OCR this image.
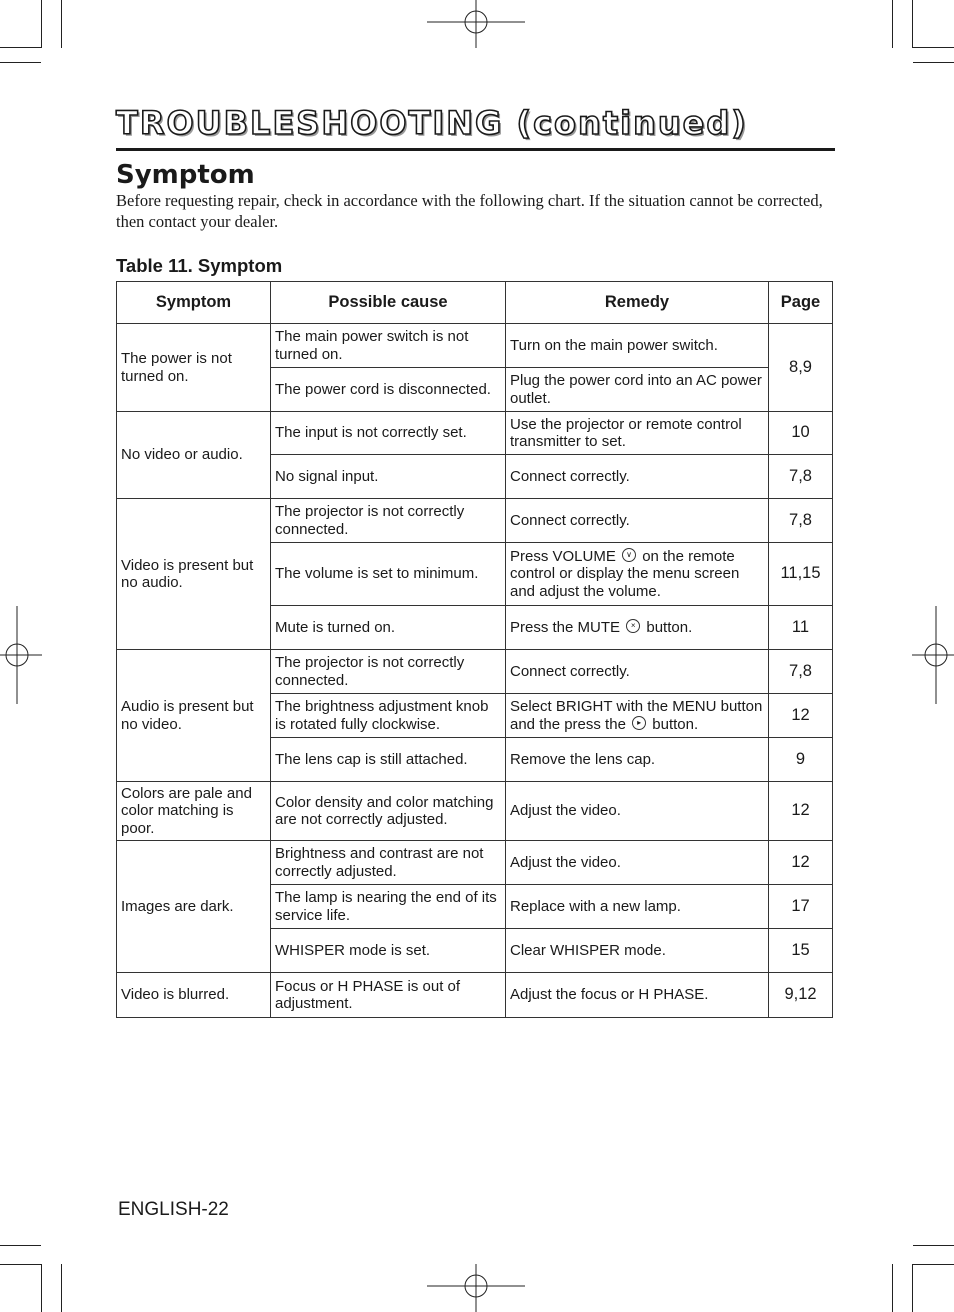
TROUBLESHOOTING (continued)
Symptom
Before requesting repair, check in accordance with the following chart. If the situation cannot be corrected, then contact your dealer.
Table 11. Symptom
Symptom	Possible cause	Remedy	Page
The power is not turned on.	The main power switch is not turned on.	Turn on the main power switch.	8,9
	The power cord is disconnected.	Plug the power cord into an AC power outlet.	
No video or audio.	The input is not correctly set.	Use the projector or remote control transmitter to set.	10
	No signal input.	Connect correctly.	7,8
Video is present but no audio.	The projector is not correctly connected.	Connect correctly.	7,8
	The volume is set to minimum.	Press VOLUME ∨ on the remote control or display the menu screen and adjust the volume.	11,15
	Mute is turned on.	Press the MUTE × button.	11
Audio is present but no video.	The projector is not correctly connected.	Connect correctly.	7,8
	The brightness adjustment knob is rotated fully clockwise.	Select BRIGHT with the MENU button and the press the ▸ button.	12
	The lens cap is still attached.	Remove the lens cap.	9
Colors are pale and color matching is poor.	Color density and color matching are not correctly adjusted.	Adjust the video.	12
Images are dark.	Brightness and contrast are not correctly adjusted.	Adjust the video.	12
	The lamp is nearing the end of its service life.	Replace with a new lamp.	17
	WHISPER mode is set.	Clear WHISPER mode.	15
Video is blurred.	Focus or H PHASE is out of adjustment.	Adjust the focus or H PHASE.	9,12
ENGLISH-22
